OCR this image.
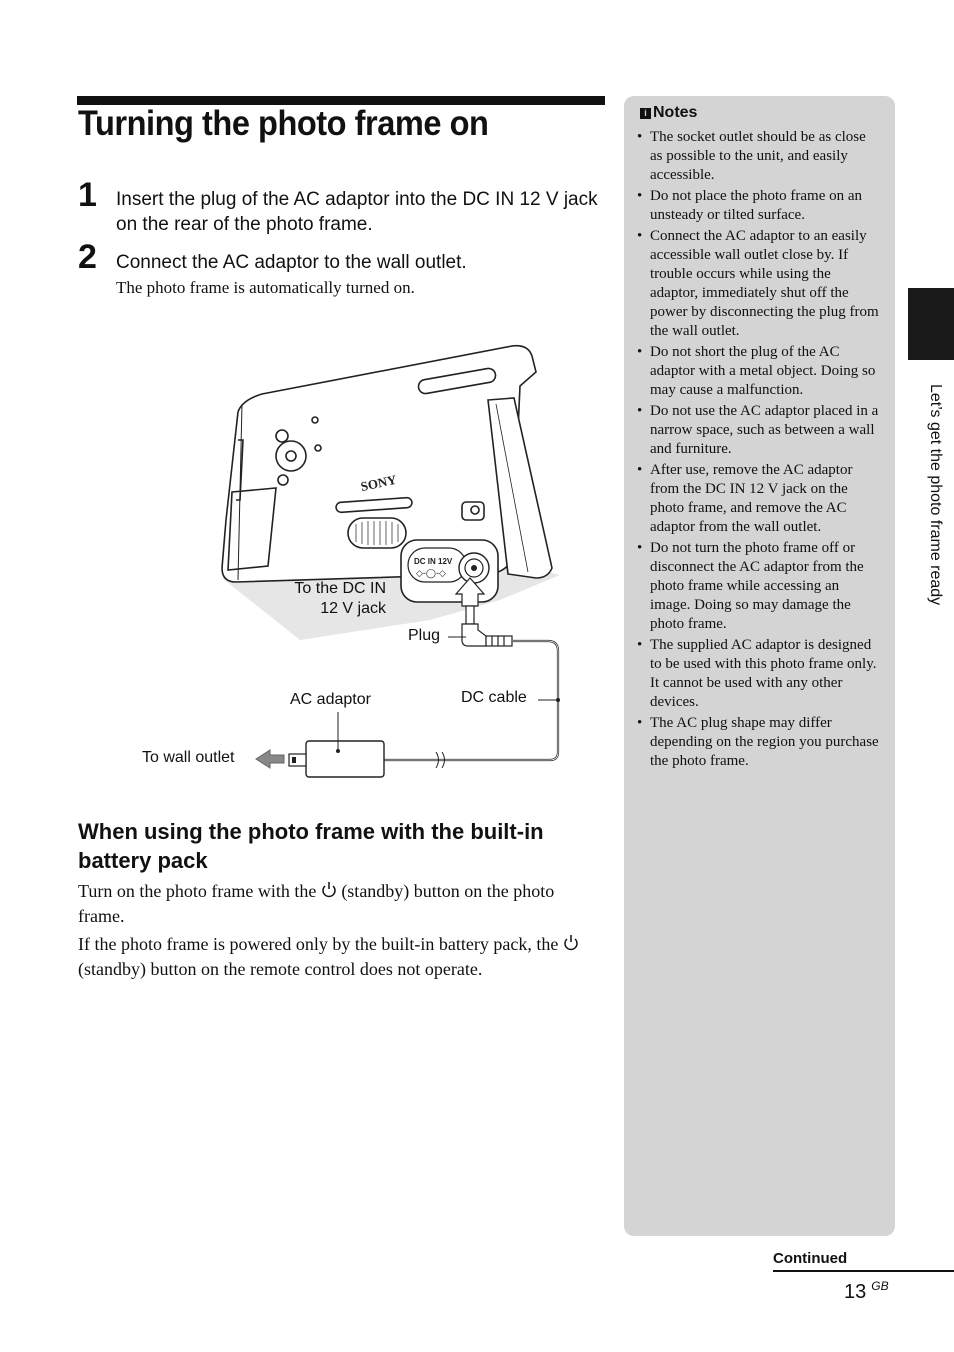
Turning the photo frame on
1 Insert the plug of the AC adaptor into the DC IN 12 V jack on the rear of the photo frame.
2 Connect the AC adaptor to the wall outlet.
The photo frame is automatically turned on.
SONY
DC IN 12V
◇-◯-◇
To the DC IN 12 V jack
Plug
AC adaptor	DC cable
To wall outlet
When using the photo frame with the built-in battery pack
Turn on the photo frame with the (standby) button on the photo frame.
If the photo frame is powered only by the built-in battery pack, the  (standby) button on the remote control does not operate.
i Notes
• The socket outlet should be as close as possible to the unit, and easily accessible.
• Do not place the photo frame on an unsteady or tilted surface.
• Connect the AC adaptor to an easily accessible wall outlet close by. If trouble occurs while using the adaptor, immediately shut off the power by disconnecting the plug from the wall outlet.
• Do not short the plug of the AC adaptor with a metal object. Doing so may cause a malfunction.
• Do not use the AC adaptor placed in a narrow space, such as between a wall and furniture.
• After use, remove the AC adaptor from the DC IN 12 V jack on the photo frame, and remove the AC adaptor from the wall outlet.
• Do not turn the photo frame off or disconnect the AC adaptor from the photo frame while accessing an image. Doing so may damage the photo frame.
• The supplied AC adaptor is designed to be used with this photo frame only. It cannot be used with any other devices.
• The AC plug shape may differ depending on the region you purchase the photo frame.
Let’s get the photo frame ready
Continued
13 $^{GB}$
